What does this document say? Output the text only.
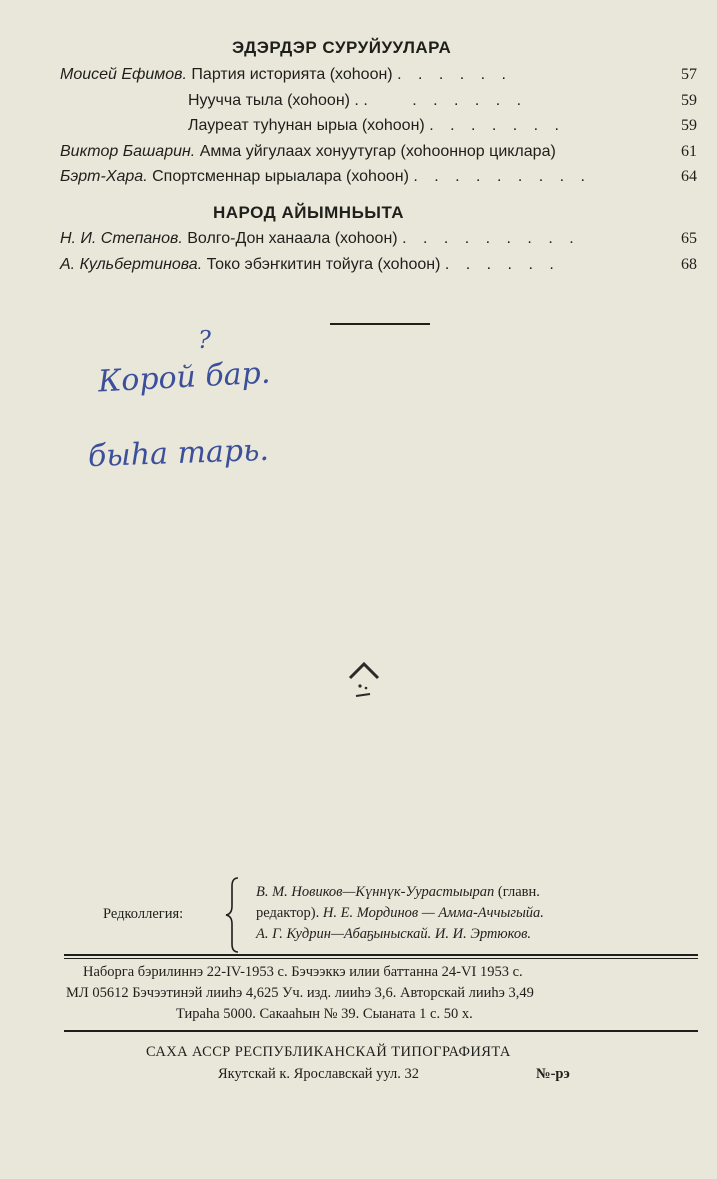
ЭДЭРДЭР СУРУЙУУЛАРА
Моисей Ефимов. Партия историята (хоhоон) . . . . . .	57
Нуучча тыла (хоhоон) . .	. . . . . .	59
Лауреат туhунан ырыа (хоhоон) . . . . . . .	59
Виктор Башарин. Амма уйгулаах хонуутугар (хоhооннор циклара)	61
Бэрт-Хара. Спортсменнар ырыалара (хоhоон) . . . . . . . . .	64
НАРОД АЙЫМНЬЫТА
Н. И. Степанов. Волго-Дон ханаала (хоhоон) . . . . . . . . .	65
А. Кульбертинова. Токо эбэҥкитин тойуга (хоhоон) . . . . . .	68
?
Корой бар.
быhа тарь.
Редколлегия:
В. М. Новиков—Күннүк-Уурастыырап (главн.
редактор). Н. Е. Мординов — Амма-Аччыгыйа.
А. Г. Кудрин—Абаҕыныскай. И. И. Эртюков.
Наборга бэрилиннэ 22-IV-1953 с. Бэчээккэ илии баттанна 24-VI 1953 с.
МЛ 05612 Бэчээтинэй лииhэ 4,625 Уч. изд. лииhэ 3,6. Авторскай лииhэ 3,49
Тираhа 5000. Сакааhын № 39. Сыаната 1 с. 50 х.
САХА АССР РЕСПУБЛИКАНСКАЙ ТИПОГРАФИЯТА
Якутскай к. Ярославскай уул. 32	№-рэ
